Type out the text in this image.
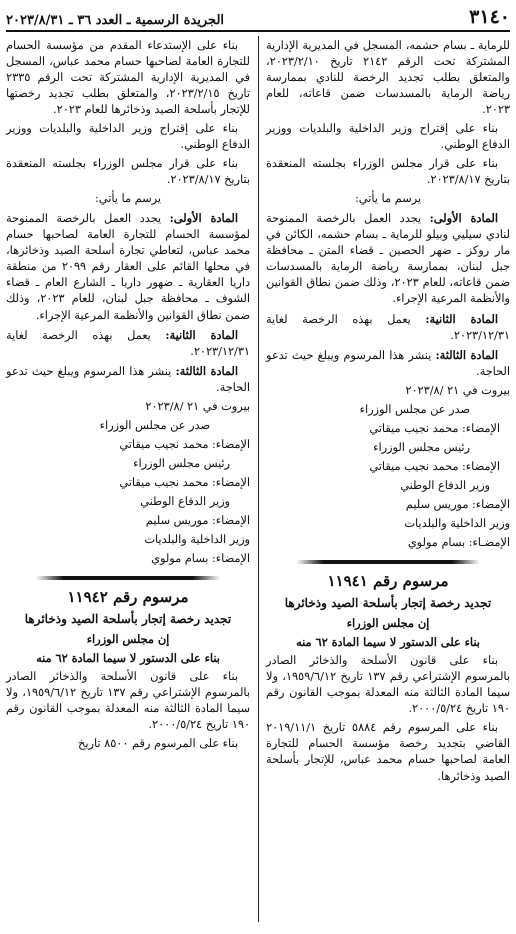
٣١٤٠
الجريدة الرسمية ـ العدد ٣٦ ـ ٢٠٢٣/٨/٣١

للرماية ـ بسام حشمه، المسجل في المديرية الإدارية المشتركة تحت الرقم ٢١٤٢ تاريخ ٢٠٢٣/٢/١٠، والمتعلق بطلب تجديد الرخصة للنادي بممارسة رياضة الرماية بالمسدسات ضمن قاعاته، للعام ٢٠٢٣.

بناء على إقتراح وزير الداخلية والبلديات ووزير الدفاع الوطني.

بناء على قرار مجلس الوزراء بجلسته المنعقدة بتاريخ ٢٠٢٣/٨/١٧.

يرسم ما يأتي:

المادة الأولى: يجدد العمل بالرخصة الممنوحة لنادي سيليي وبيلو للرماية ـ بسام حشمه، الكائن في مار روكز ـ ضهر الحصين ـ قضاء المتن ـ محافظة جبل لبنان، بممارسة رياضة الرماية بالمسدسات ضمن قاعاته، للعام ٢٠٢٣، وذلك ضمن نطاق القوانين والأنظمة المرعية الإجراء.

المادة الثانية: يعمل بهذه الرخصة لغاية ٢٠٢٣/١٢/٣١.

المادة الثالثة: ينشر هذا المرسوم ويبلغ حيث تدعو الحاجة.

بيروت في ٢١ /٢٠٢٣/٨

صدر عن مجلس الوزراء

الإمضاء: محمد نجيب ميقاتي

رئيس مجلس الوزراء

الإمضاء: محمد نجيب ميقاتي

وزير الدفاع الوطني

الإمضاء: موريس سليم

وزير الداخلية والبلديات

الإمضـاء: بسام مولوي

مرسوم رقم ١١٩٤١

تجديد رخصة إتجار بأسلحة الصيد وذخائرها

إن مجلس الوزراء

بناء على الدستور لا سيما المادة ٦٢ منه

بناء على قانون الأسلحة والذخائر الصادر بالمرسوم الإشتراعي رقم ١٣٧ تاريخ ١٩٥٩/٦/١٢، ولا سيما المادة الثالثة منه المعدلة بموجب القانون رقم ١٩٠ تاريخ ٢٠٠٠/٥/٢٤.

بناء على المرسوم رقم ٥٨٨٤ تاريخ ٢٠١٩/١١/١ القاضي بتجديد رخصة مؤسسة الحسام للتجارة العامة لصاحبها حسام محمد عباس، للإتجار بأسلحة الصيد وذخائرها.

بناء على الإستدعاء المقدم من مؤسسة الحسام للتجارة العامة لصاحبها حسام محمد عباس، المسجل في المديرية الإدارية المشتركة تحت الرقم ٢٣٣٥ تاريخ ٢٠٢٣/٢/١٥، والمتعلق بطلب تجديد رخصتها للإتجار بأسلحة الصيد وذخائرها للعام ٢٠٢٣.

بناء على إقتراح وزير الداخلية والبلديات ووزير الدفاع الوطني.

بناء على قرار مجلس الوزراء بجلسته المنعقدة بتاريخ ٢٠٢٣/٨/١٧.

يرسم ما يأتي:

المادة الأولى: يجدد العمل بالرخصة الممنوحة لمؤسسة الحسام للتجارة العامة لصاحبها حسام محمد عباس، لتعاطي تجارة أسلحة الصيد وذخائرها، في محلها القائم على العقار رقم ٢٠٩٩ من منطقة داريا العقارية ـ ضهور داريا ـ الشارع العام ـ قضاء الشوف ـ محافظة جبل لبنان، للعام ٢٠٢٣، وذلك ضمن نطاق القوانين والأنظمة المرعية الإجراء.

المادة الثانية: يعمل بهذه الرخصة لغاية ٢٠٢٣/١٢/٣١.

المادة الثالثة: ينشر هذا المرسوم ويبلغ حيث تدعو الحاجة.

بيروت في ٢١ /٢٠٢٣/٨

صدر عن مجلس الوزراء

الإمضاء: محمد نجيب ميقاتي

رئيس مجلس الوزراء

الإمضاء: محمد نجيب ميقاتي

وزير الدفاع الوطني

الإمضاء: موريس سليم

وزير الداخلية والبلديات

الإمضاء: بسام مولوي

مرسوم رقم ١١٩٤٢

تجديد رخصة إتجار بأسلحة الصيد وذخائرها

إن مجلس الوزراء

بناء على الدستور لا سيما المادة ٦٢ منه

بناء على قانون الأسلحة والذخائر الصادر بالمرسوم الإشتراعي رقم ١٣٧ تاريخ ١٩٥٩/٦/١٢، ولا سيما المادة الثالثة منه المعدلة بموجب القانون رقم ١٩٠ تاريخ ٢٠٠٠/٥/٢٤.

بناء على المرسوم رقم ٨٥٠٠ تاريخ
